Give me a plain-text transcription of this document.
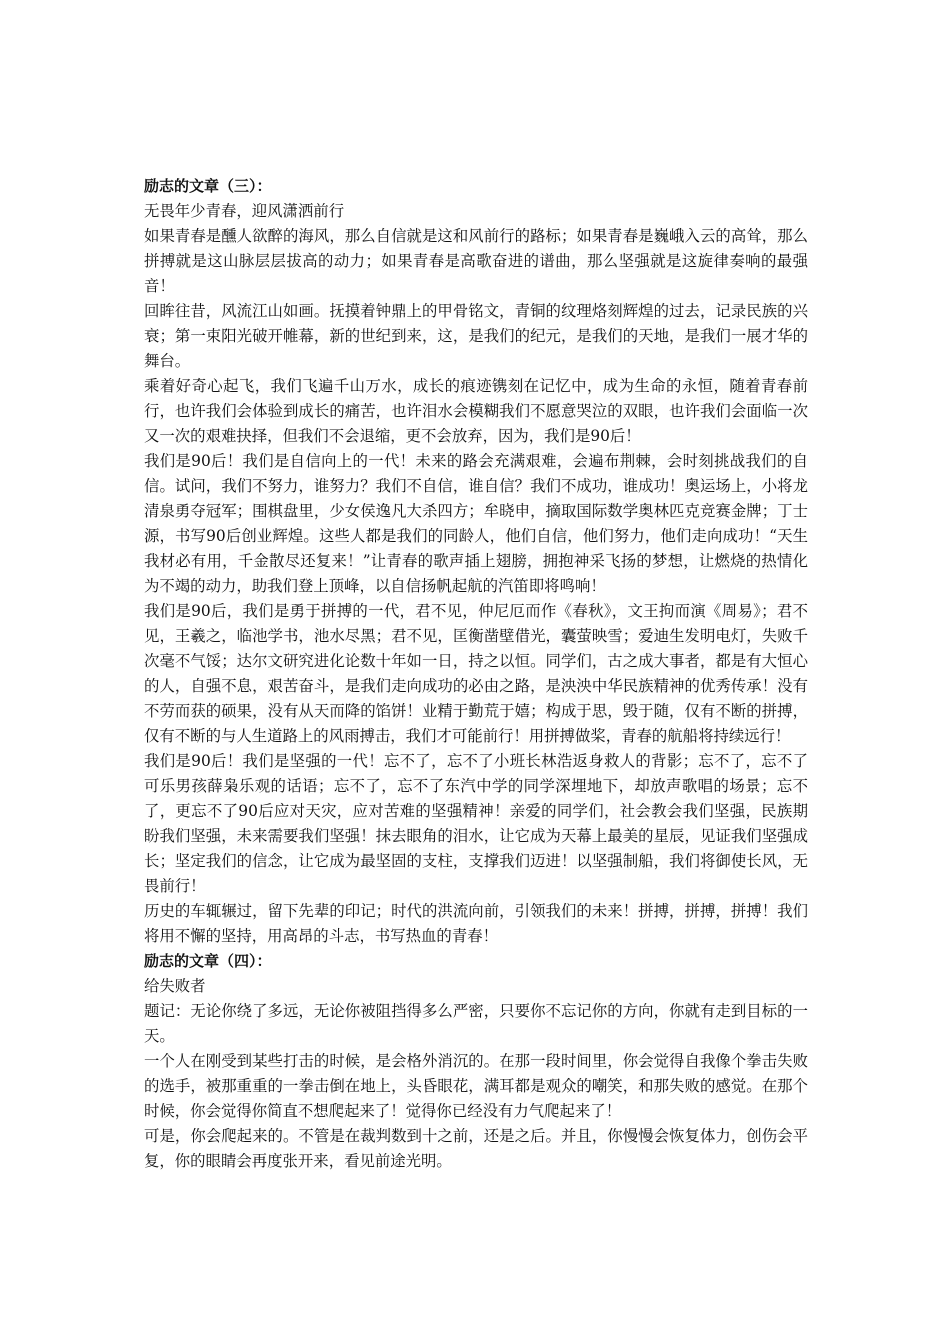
励志的文章（三）：

无畏年少青春，迎风潇洒前行

如果青春是醺人欲醉的海风，那么自信就是这和风前行的路标；如果青春是巍峨入云的高耸，那么拼搏就是这山脉层层拔高的动力；如果青春是高歌奋进的谱曲，那么坚强就是这旋律奏响的最强音！

回眸往昔，风流江山如画。抚摸着钟鼎上的甲骨铭文，青铜的纹理烙刻辉煌的过去，记录民族的兴衰；第一束阳光破开帷幕，新的世纪到来，这，是我们的纪元，是我们的天地，是我们一展才华的舞台。

乘着好奇心起飞，我们飞遍千山万水，成长的痕迹镌刻在记忆中，成为生命的永恒，随着青春前行，也许我们会体验到成长的痛苦，也许泪水会模糊我们不愿意哭泣的双眼，也许我们会面临一次又一次的艰难抉择，但我们不会退缩，更不会放弃，因为，我们是90后！

我们是90后！我们是自信向上的一代！未来的路会充满艰难，会遍布荆棘，会时刻挑战我们的自信。试问，我们不努力，谁努力？我们不自信，谁自信？我们不成功，谁成功！奥运场上，小将龙清泉勇夺冠军；围棋盘里，少女侯逸凡大杀四方；牟晓申，摘取国际数学奥林匹克竞赛金牌；丁士源，书写90后创业辉煌。这些人都是我们的同龄人，他们自信，他们努力，他们走向成功！“天生我材必有用，千金散尽还复来！”让青春的歌声插上翅膀，拥抱神采飞扬的梦想，让燃烧的热情化为不竭的动力，助我们登上顶峰，以自信扬帆起航的汽笛即将鸣响！

我们是90后，我们是勇于拼搏的一代，君不见，仲尼厄而作《春秋》，文王拘而演《周易》；君不见，王羲之，临池学书，池水尽黑；君不见，匡衡凿壁借光，囊萤映雪；爱迪生发明电灯，失败千次毫不气馁；达尔文研究进化论数十年如一日，持之以恒。同学们，古之成大事者，都是有大恒心的人，自强不息，艰苦奋斗，是我们走向成功的必由之路，是泱泱中华民族精神的优秀传承！没有不劳而获的硕果，没有从天而降的馅饼！业精于勤荒于嬉；构成于思，毁于随，仅有不断的拼搏，仅有不断的与人生道路上的风雨搏击，我们才可能前行！用拼搏做桨，青春的航船将持续远行！

我们是90后！我们是坚强的一代！忘不了，忘不了小班长林浩返身救人的背影；忘不了，忘不了可乐男孩薛枭乐观的话语；忘不了，忘不了东汽中学的同学深埋地下，却放声歌唱的场景；忘不了，更忘不了90后应对天灾，应对苦难的坚强精神！亲爱的同学们，社会教会我们坚强，民族期盼我们坚强，未来需要我们坚强！抹去眼角的泪水，让它成为天幕上最美的星辰，见证我们坚强成长；坚定我们的信念，让它成为最坚固的支柱，支撑我们迈进！以坚强制船，我们将御使长风，无畏前行！

历史的车辄辗过，留下先辈的印记；时代的洪流向前，引领我们的未来！拼搏，拼搏，拼搏！我们将用不懈的坚持，用高昂的斗志，书写热血的青春！

励志的文章（四）：

给失败者

题记：无论你绕了多远，无论你被阻挡得多么严密，只要你不忘记你的方向，你就有走到目标的一天。

一个人在刚受到某些打击的时候，是会格外消沉的。在那一段时间里，你会觉得自我像个拳击失败的选手，被那重重的一拳击倒在地上，头昏眼花，满耳都是观众的嘲笑，和那失败的感觉。在那个时候，你会觉得你简直不想爬起来了！觉得你已经没有力气爬起来了！

可是，你会爬起来的。不管是在裁判数到十之前，还是之后。并且，你慢慢会恢复体力，创伤会平复，你的眼睛会再度张开来，看见前途光明。
